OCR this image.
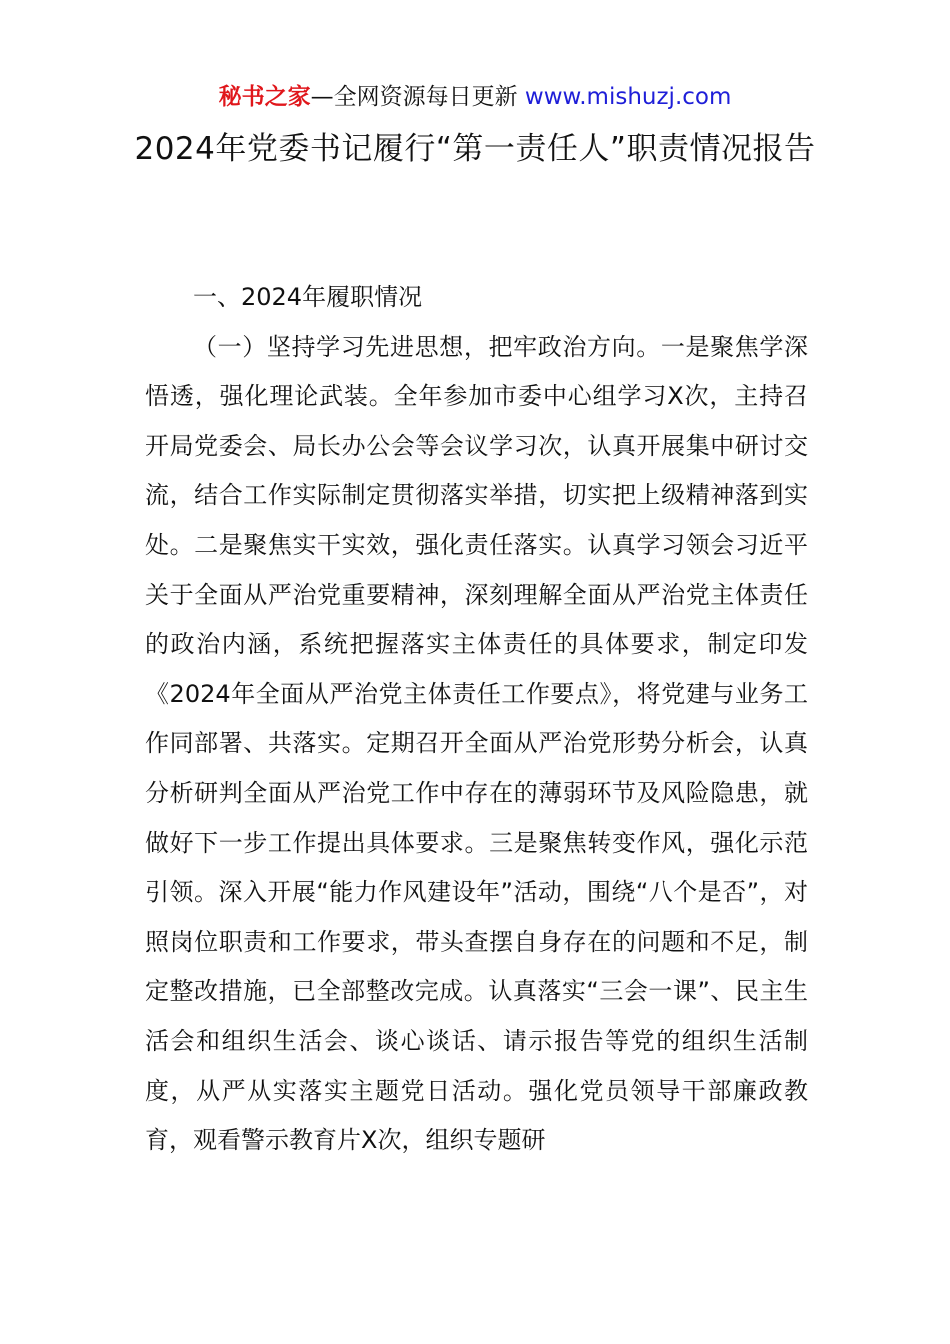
秘书之家—全网资源每日更新 www.mishuzj.com
2024年党委书记履行“第一责任人”职责情况报告
一、2024年履职情况

（一）坚持学习先进思想，把牢政治方向。一是聚焦学深悟透，强化理论武装。全年参加市委中心组学习X次，主持召开局党委会、局长办公会等会议学习次，认真开展集中研讨交流，结合工作实际制定贯彻落实举措，切实把上级精神落到实处。二是聚焦实干实效，强化责任落实。认真学习领会习近平关于全面从严治党重要精神，深刻理解全面从严治党主体责任的政治内涵，系统把握落实主体责任的具体要求，制定印发《2024年全面从严治党主体责任工作要点》，将党建与业务工作同部署、共落实。定期召开全面从严治党形势分析会，认真分析研判全面从严治党工作中存在的薄弱环节及风险隐患，就做好下一步工作提出具体要求。三是聚焦转变作风，强化示范引领。深入开展“能力作风建设年”活动，围绕“八个是否”，对照岗位职责和工作要求，带头查摆自身存在的问题和不足，制定整改措施，已全部整改完成。认真落实“三会一课”、民主生活会和组织生活会、谈心谈话、请示报告等党的组织生活制度，从严从实落实主题党日活动。强化党员领导干部廉政教育，观看警示教育片X次，组织专题研
